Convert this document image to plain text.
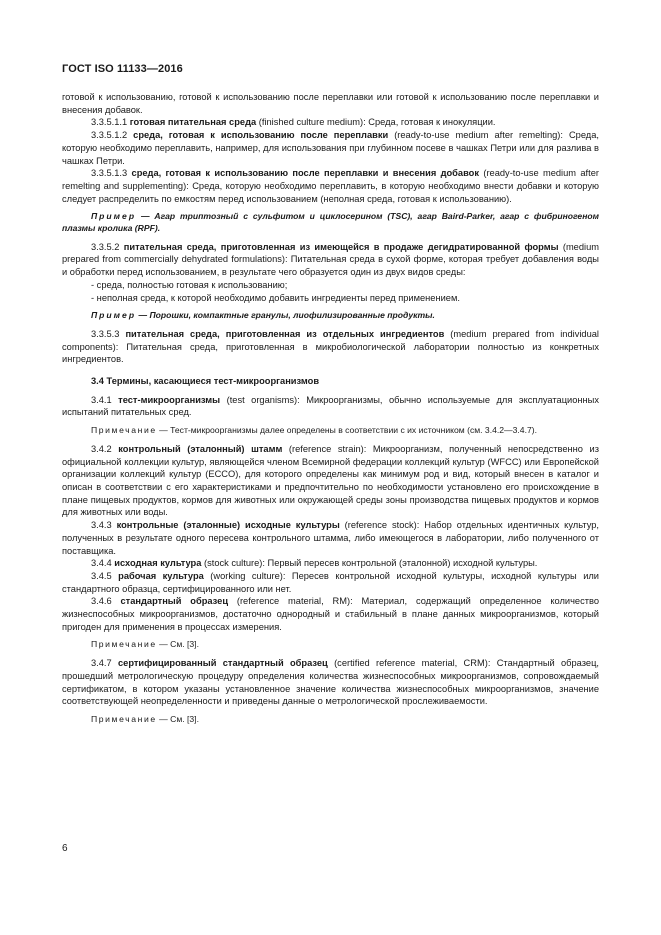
ГОСТ ISO 11133—2016

готовой к использованию, готовой к использованию после переплавки или готовой к использованию после переплавки и внесения добавок.

3.3.5.1.1 готовая питательная среда (finished culture medium): Среда, готовая к инокуляции.

3.3.5.1.2 среда, готовая к использованию после переплавки (ready-to-use medium after remelting): Среда, которую необходимо переплавить, например, для использования при глубинном посеве в чашках Петри или для разлива в чашках Петри.

3.3.5.1.3 среда, готовая к использованию после переплавки и внесения добавок (ready-to-use medium after remelting and supplementing): Среда, которую необходимо переплавить, в которую необходимо внести добавки и которую следует распределить по емкостям перед использованием (неполная среда, готовая к использованию).

Пример — Агар триптозный с сульфитом и циклосерином (TSC), агар Baird-Parker, агар с фибриногеном плазмы кролика (RPF).

3.3.5.2 питательная среда, приготовленная из имеющейся в продаже дегидратированной формы (medium prepared from commercially dehydrated formulations): Питательная среда в сухой форме, которая требует добавления воды и обработки перед использованием, в результате чего образуется один из двух видов среды:

- среда, полностью готовая к использованию;

- неполная среда, к которой необходимо добавить ингредиенты перед применением.

Пример — Порошки, компактные гранулы, лиофилизированные продукты.

3.3.5.3 питательная среда, приготовленная из отдельных ингредиентов (medium prepared from individual components): Питательная среда, приготовленная в микробиологической лаборатории полностью из конкретных ингредиентов.

3.4 Термины, касающиеся тест-микроорганизмов

3.4.1 тест-микроорганизмы (test organisms): Микроорганизмы, обычно используемые для эксплуатационных испытаний питательных сред.

Примечание — Тест-микроорганизмы далее определены в соответствии с их источником (см. 3.4.2—3.4.7).

3.4.2 контрольный (эталонный) штамм (reference strain): Микроорганизм, полученный непосредственно из официальной коллекции культур, являющейся членом Всемирной федерации коллекций культур (WFCC) или Европейской организации коллекций культур (ECCO), для которого определены как минимум род и вид, который внесен в каталог и описан в соответствии с его характеристиками и предпочтительно по необходимости установлено его происхождение в плане пищевых продуктов, кормов для животных или окружающей среды зоны производства пищевых продуктов и кормов для животных или воды.

3.4.3 контрольные (эталонные) исходные культуры (reference stock): Набор отдельных идентичных культур, полученных в результате одного пересева контрольного штамма, либо имеющегося в лаборатории, либо полученного от поставщика.

3.4.4 исходная культура (stock culture): Первый пересев контрольной (эталонной) исходной культуры.

3.4.5 рабочая культура (working culture): Пересев контрольной исходной культуры, исходной культуры или стандартного образца, сертифицированного или нет.

3.4.6 стандартный образец (reference material, RM): Материал, содержащий определенное количество жизнеспособных микроорганизмов, достаточно однородный и стабильный в плане данных микроорганизмов, который пригоден для применения в процессах измерения.

Примечание — См. [3].

3.4.7 сертифицированный стандартный образец (certified reference material, CRM): Стандартный образец, прошедший метрологическую процедуру определения количества жизнеспособных микроорганизмов, сопровождаемый сертификатом, в котором указаны установленное значение количества жизнеспособных микроорганизмов, значение соответствующей неопределенности и приведены данные о метрологической прослеживаемости.

Примечание — См. [3].

6
